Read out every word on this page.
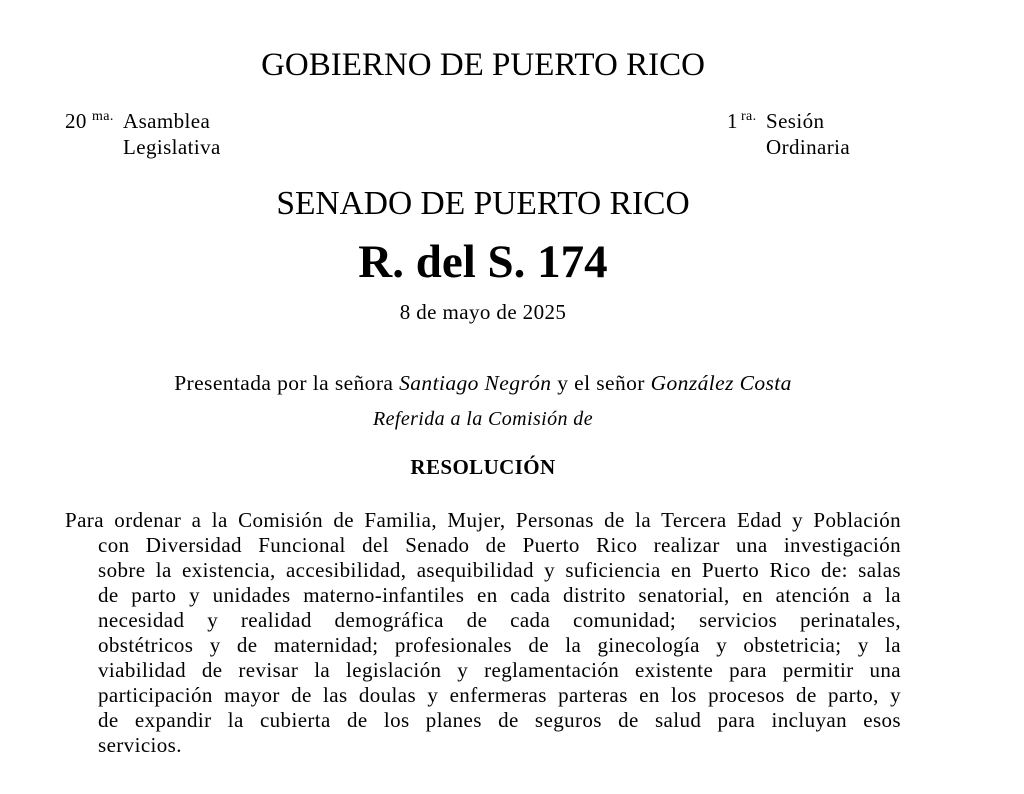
GOBIERNO DE PUERTO RICO
20 ma. Asamblea
Legislativa
1 ra. Sesión
Ordinaria
SENADO DE PUERTO RICO
R. del S. 174
8 de mayo de 2025
Presentada por la señora Santiago Negrón y el señor González Costa
Referida a la Comisión de
RESOLUCIÓN
Para ordenar a la Comisión de Familia, Mujer, Personas de la Tercera Edad y Población
con Diversidad Funcional del Senado de Puerto Rico realizar una investigación
sobre la existencia, accesibilidad, asequibilidad y suficiencia en Puerto Rico de: salas
de parto y unidades materno-infantiles en cada distrito senatorial, en atención a la
necesidad y realidad demográfica de cada comunidad; servicios perinatales,
obstétricos y de maternidad; profesionales de la ginecología y obstetricia; y la
viabilidad de revisar la legislación y reglamentación existente para permitir una
participación mayor de las doulas y enfermeras parteras en los procesos de parto, y
de expandir la cubierta de los planes de seguros de salud para incluyan esos
servicios.
